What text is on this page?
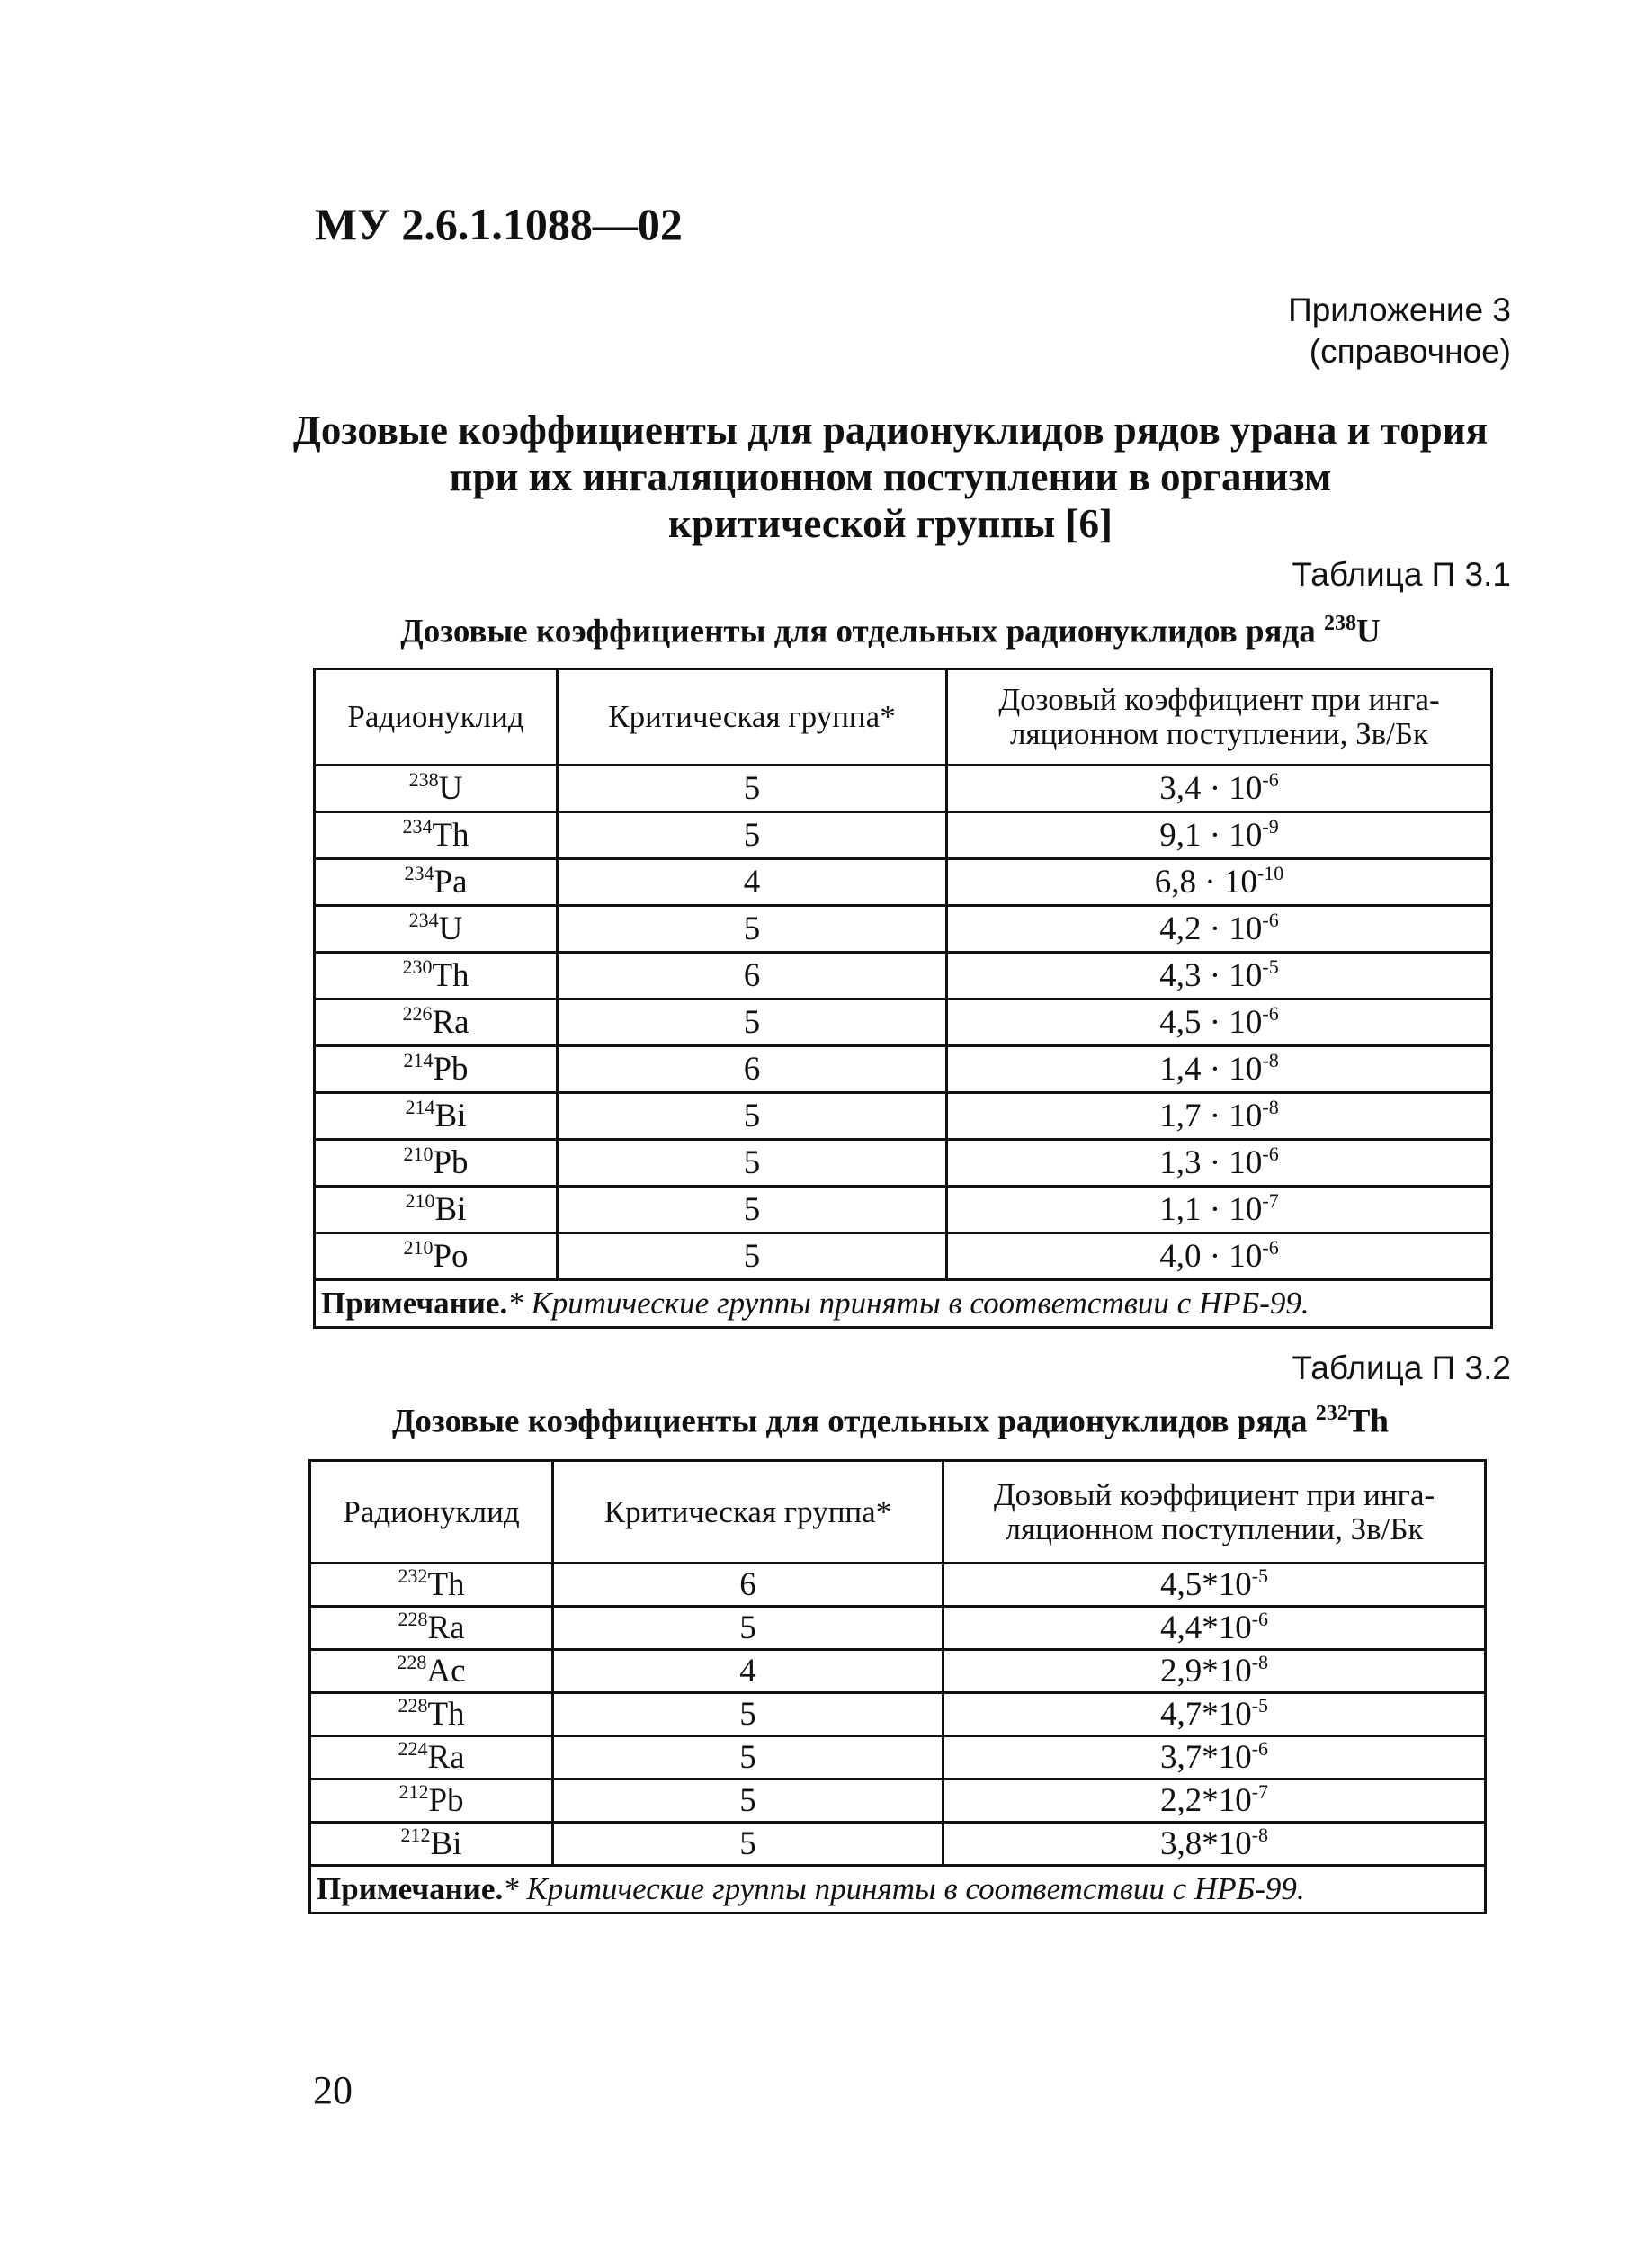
МУ 2.6.1.1088—02
Приложение 3
(справочное)
Дозовые коэффициенты для радионуклидов рядов урана и тория
при их ингаляционном поступлении в организм
критической группы [6]
Таблица П 3.1
Дозовые коэффициенты для отдельных радионуклидов ряда $^{238}$U
Радионуклид	Критическая группа*	Дозовый коэффициент при инга-
ляционном поступлении, Зв/Бк
$^{238}$U	5	$3,4 \cdot 10^{-6}$
$^{234}$Th	5	$9,1 \cdot 10^{-9}$
$^{234}$Pa	4	$6,8 \cdot 10^{-10}$
$^{234}$U	5	$4,2 \cdot 10^{-6}$
$^{230}$Th	6	$4,3 \cdot 10^{-5}$
$^{226}$Ra	5	$4,5 \cdot 10^{-6}$
$^{214}$Pb	6	$1,4 \cdot 10^{-8}$
$^{214}$Bi	5	$1,7 \cdot 10^{-8}$
$^{210}$Pb	5	$1,3 \cdot 10^{-6}$
$^{210}$Bi	5	$1,1 \cdot 10^{-7}$
$^{210}$Po	5	$4,0 \cdot 10^{-6}$
Примечание.* Критические группы приняты в соответствии с НРБ-99.		
Таблица П 3.2
Дозовые коэффициенты для отдельных радионуклидов ряда $^{232}$Th
Радионуклид	Критическая группа*	Дозовый коэффициент при инга-
ляционном поступлении, Зв/Бк
$^{232}$Th	6	$4,5*10^{-5}$
$^{228}$Ra	5	$4,4*10^{-6}$
$^{228}$Ac	4	$2,9*10^{-8}$
$^{228}$Th	5	$4,7*10^{-5}$
$^{224}$Ra	5	$3,7*10^{-6}$
$^{212}$Pb	5	$2,2*10^{-7}$
$^{212}$Bi	5	$3,8*10^{-8}$
Примечание.* Критические группы приняты в соответствии с НРБ-99.		
20
